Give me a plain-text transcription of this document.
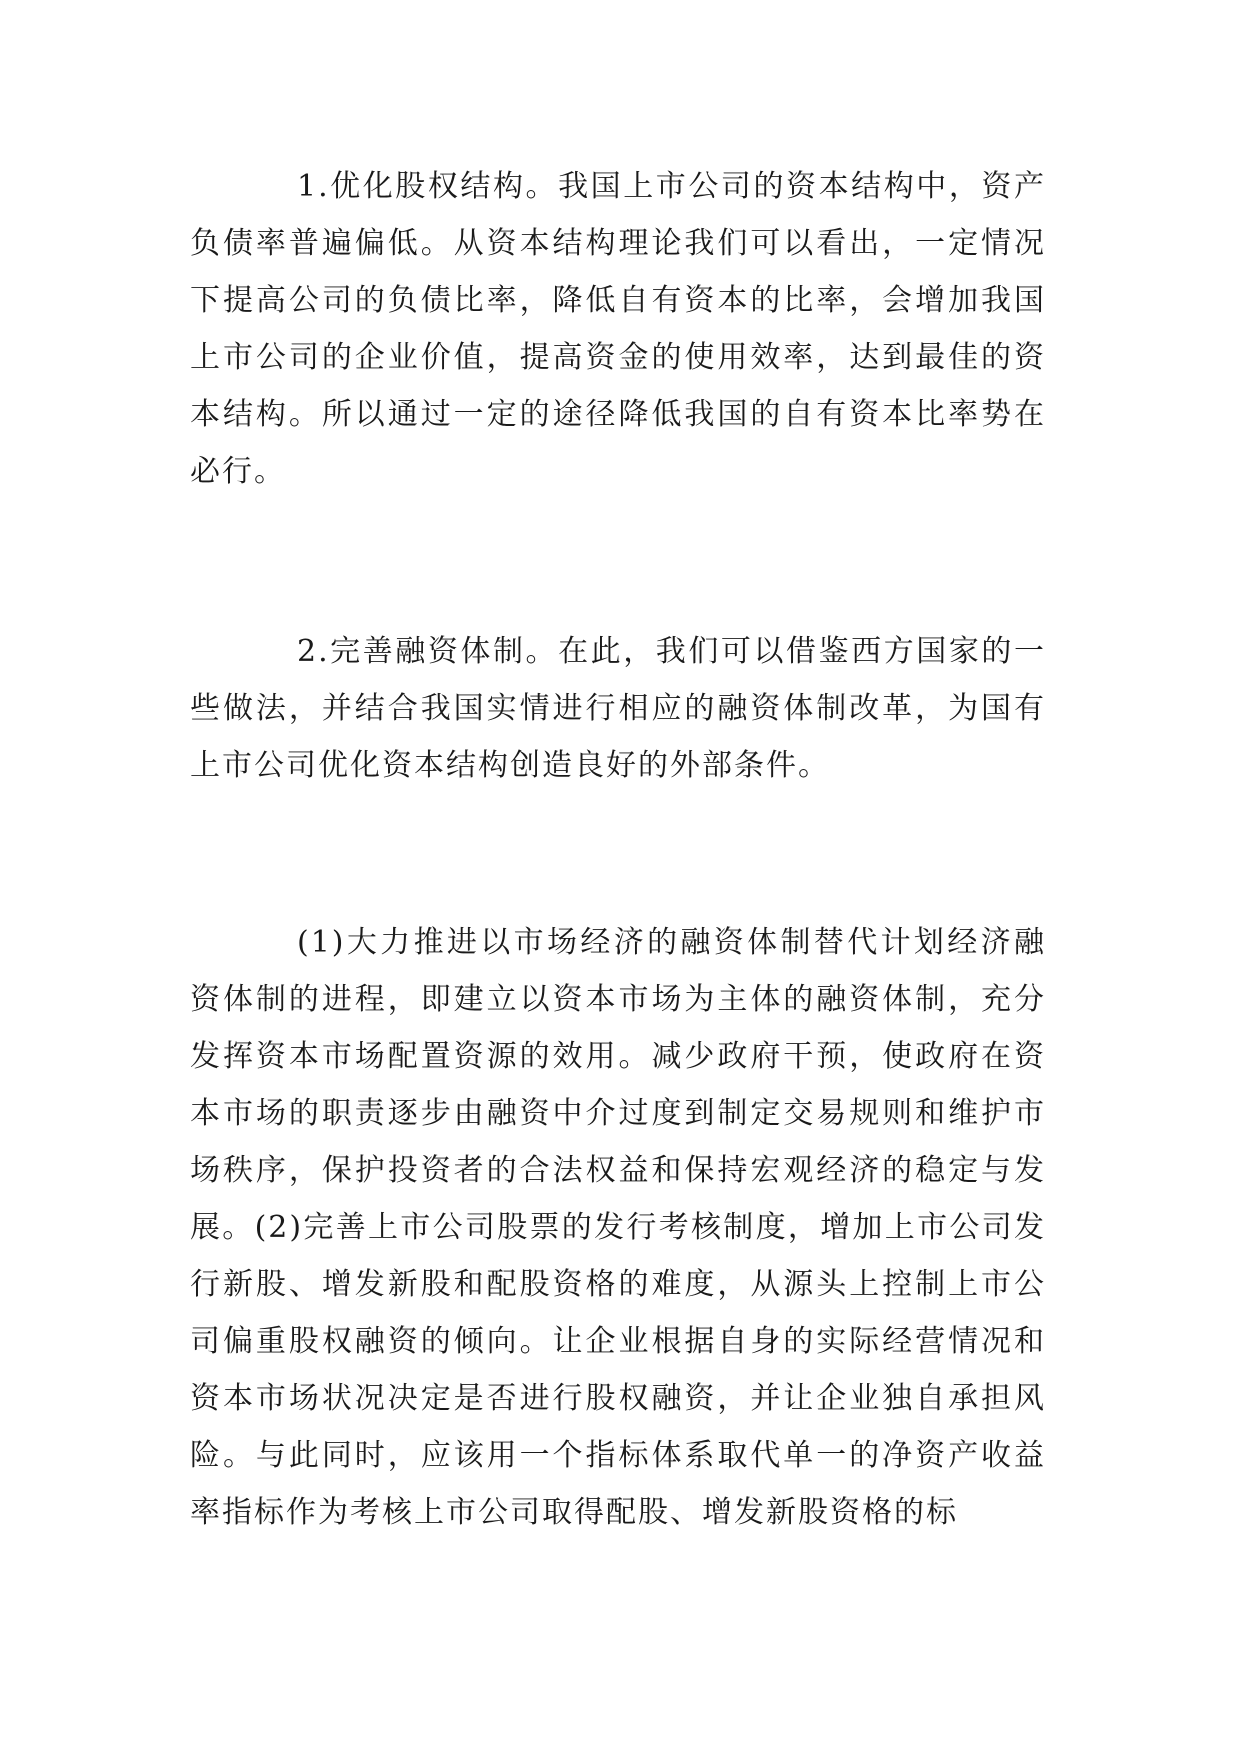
1.优化股权结构。我国上市公司的资本结构中，资产负债率普遍偏低。从资本结构理论我们可以看出，一定情况下提高公司的负债比率，降低自有资本的比率，会增加我国上市公司的企业价值，提高资金的使用效率，达到最佳的资本结构。所以通过一定的途径降低我国的自有资本比率势在必行。

2.完善融资体制。在此，我们可以借鉴西方国家的一些做法，并结合我国实情进行相应的融资体制改革，为国有上市公司优化资本结构创造良好的外部条件。

(1)大力推进以市场经济的融资体制替代计划经济融资体制的进程，即建立以资本市场为主体的融资体制，充分发挥资本市场配置资源的效用。减少政府干预，使政府在资本市场的职责逐步由融资中介过度到制定交易规则和维护市场秩序，保护投资者的合法权益和保持宏观经济的稳定与发展。(2)完善上市公司股票的发行考核制度，增加上市公司发行新股、增发新股和配股资格的难度，从源头上控制上市公司偏重股权融资的倾向。让企业根据自身的实际经营情况和资本市场状况决定是否进行股权融资，并让企业独自承担风险。与此同时，应该用一个指标体系取代单一的净资产收益率指标作为考核上市公司取得配股、增发新股资格的标
